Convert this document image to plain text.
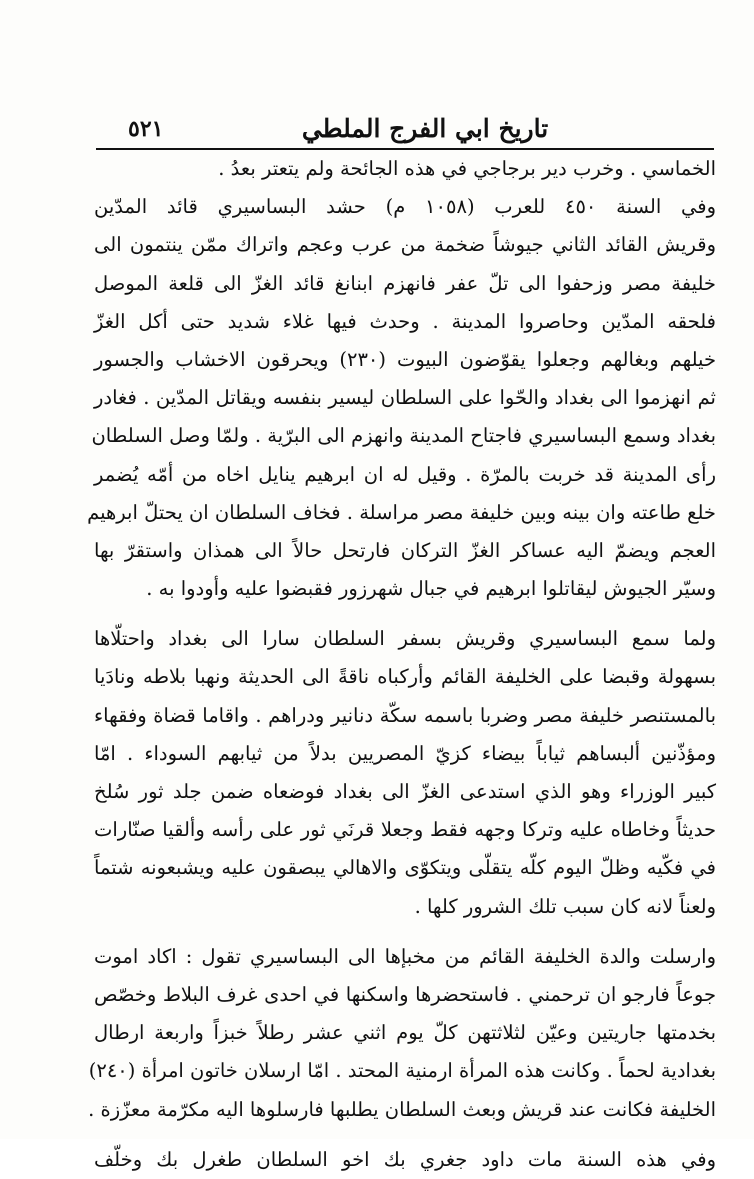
تاريخ ابي الفرج الملطي
٥٢١
الخماسي . وخرب دير برجاجي في هذه الجائحة ولم يتعتر بعدُ .
وفي السنة ٤٥٠ للعرب (١٠٥٨ م) حشد البساسيري قائد المدّين
وقريش القائد الثاني جيوشاً ضخمة من عرب وعجم واتراك ممّن ينتمون الى
خليفة مصر وزحفوا الى تلّ عفر فانهزم ابنانغ قائد الغزّ الى قلعة الموصل
فلحقه المدّين وحاصروا المدينة . وحدث فيها غلاء شديد حتى أكل الغزّ
خيلهم وبغالهم وجعلوا يقوّضون البيوت (٢٣٠) ويحرقون الاخشاب والجسور
ثم انهزموا الى بغداد والحّوا على السلطان ليسير بنفسه ويقاتل المدّين . فغادر
بغداد وسمع البساسيري فاجتاح المدينة وانهزم الى البرّية . ولمّا وصل السلطان
رأى المدينة قد خربت بالمرّة . وقيل له ان ابرهيم ينايل اخاه من أمّه يُضمر
خلع طاعته وان بينه وبين خليفة مصر مراسلة . فخاف السلطان ان يحتلّ ابرهيم
العجم ويضمّ اليه عساكر الغزّ التركان فارتحل حالاً الى همذان واستقرّ بها
وسيّر الجيوش ليقاتلوا ابرهيم في جبال شهرزور فقبضوا عليه وأودوا به .
ولما سمع البساسيري وقريش بسفر السلطان سارا الى بغداد واحتلّاها
بسهولة وقبضا على الخليفة القائم وأركباه ناقةً الى الحديثة ونهبا بلاطه ونادَيا
بالمستنصر خليفة مصر وضربا باسمه سكّة دنانير ودراهم . واقاما قضاة وفقهاء
ومؤذّنين ألبساهم ثياباً بيضاء كزيّ المصريين بدلاً من ثيابهم السوداء . امّا
كبير الوزراء وهو الذي استدعى الغزّ الى بغداد فوضعاه ضمن جلد ثور سُلخ
حديثاً وخاطاه عليه وتركا وجهه فقط وجعلا قرنَي ثور على رأسه وألقيا صنّارات
في فكّيه وظلّ اليوم كلّه يتقلّى ويتكوّى والاهالي يبصقون عليه ويشبعونه شتماً
ولعناً لانه كان سبب تلك الشرور كلها .
وارسلت والدة الخليفة القائم من مخبإها الى البساسيري تقول : اكاد اموت
جوعاً فارجو ان ترحمني . فاستحضرها واسكنها في احدى غرف البلاط وخصّص
بخدمتها جاريتين وعيّن لثلاثتهن كلّ يوم اثني عشر رطلاً خبزاً واربعة ارطال
بغدادية لحماً . وكانت هذه المرأة ارمنية المحتد . امّا ارسلان خاتون امرأة (٢٤٠)
الخليفة فكانت عند قريش وبعث السلطان يطلبها فارسلوها اليه مكرّمة معزّزة .
وفي هذه السنة مات داود جغري بك اخو السلطان طغرل بك وخلّف
